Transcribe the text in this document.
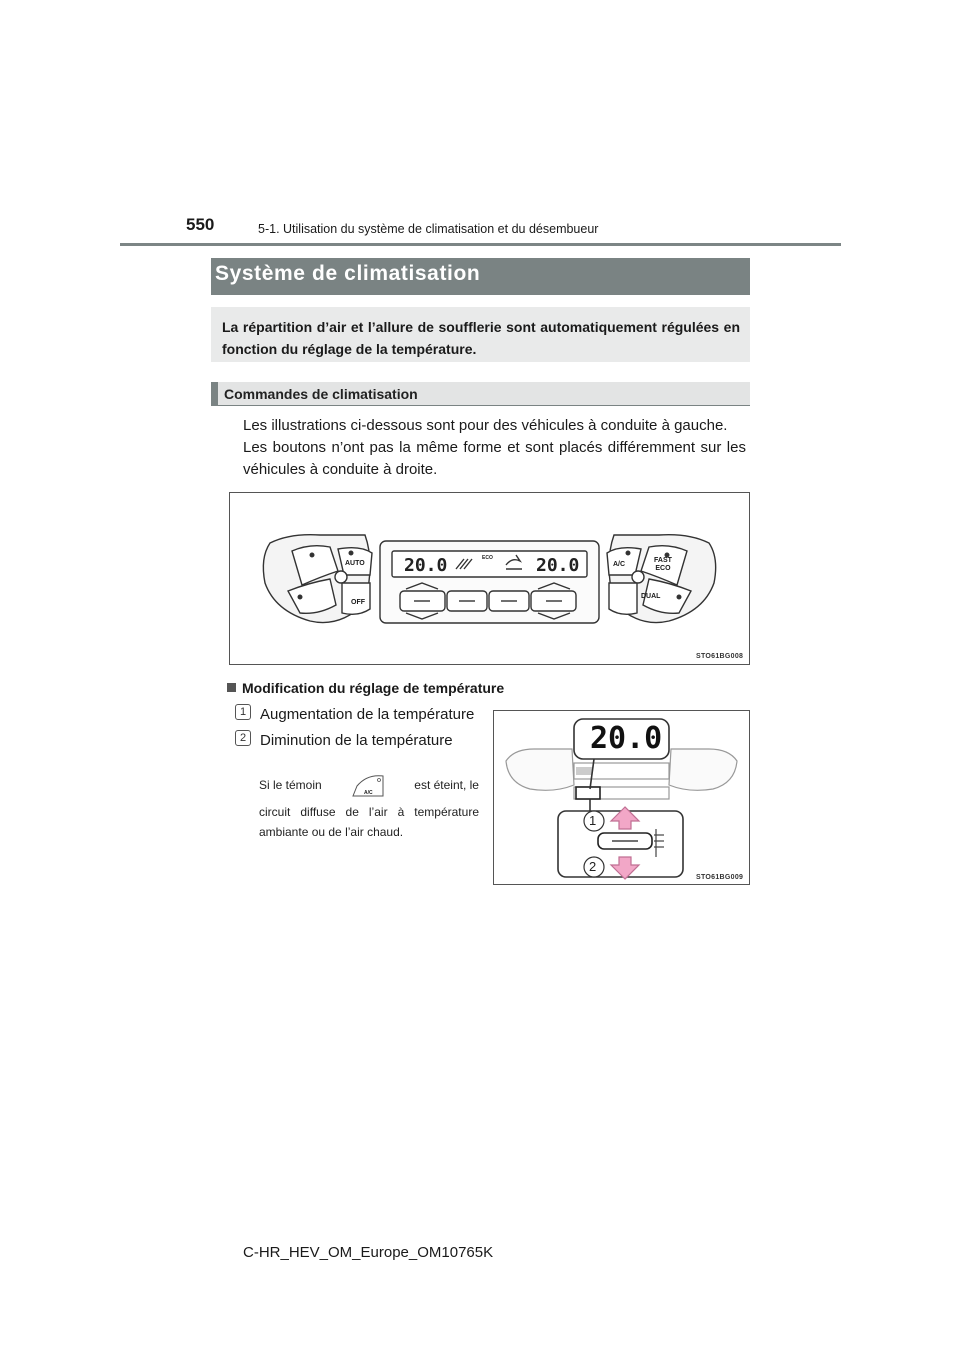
550	5-1. Utilisation du système de climatisation et du désembueur
Système de climatisation
La répartition d’air et l’allure de soufflerie sont automatiquement régulées en fonction du réglage de la température.
Commandes de climatisation

Les illustrations ci-dessous sont pour des véhicules à conduite à gauche.

Les boutons n’ont pas la même forme et sont placés différemment sur les véhicules à conduite à droite.

20.0	20.0
ECO
AUTO
OFF
A/C
FAST
ECO
DUAL
STO61BG008
Modification du réglage de température
1 Augmentation de la température
2 Diminution de la température
Si le témoin
A/C
est éteint, le
circuit diffuse de l’air à température ambiante ou de l’air chaud.
20.0
1
2
STO61BG009
C-HR_HEV_OM_Europe_OM10765K
